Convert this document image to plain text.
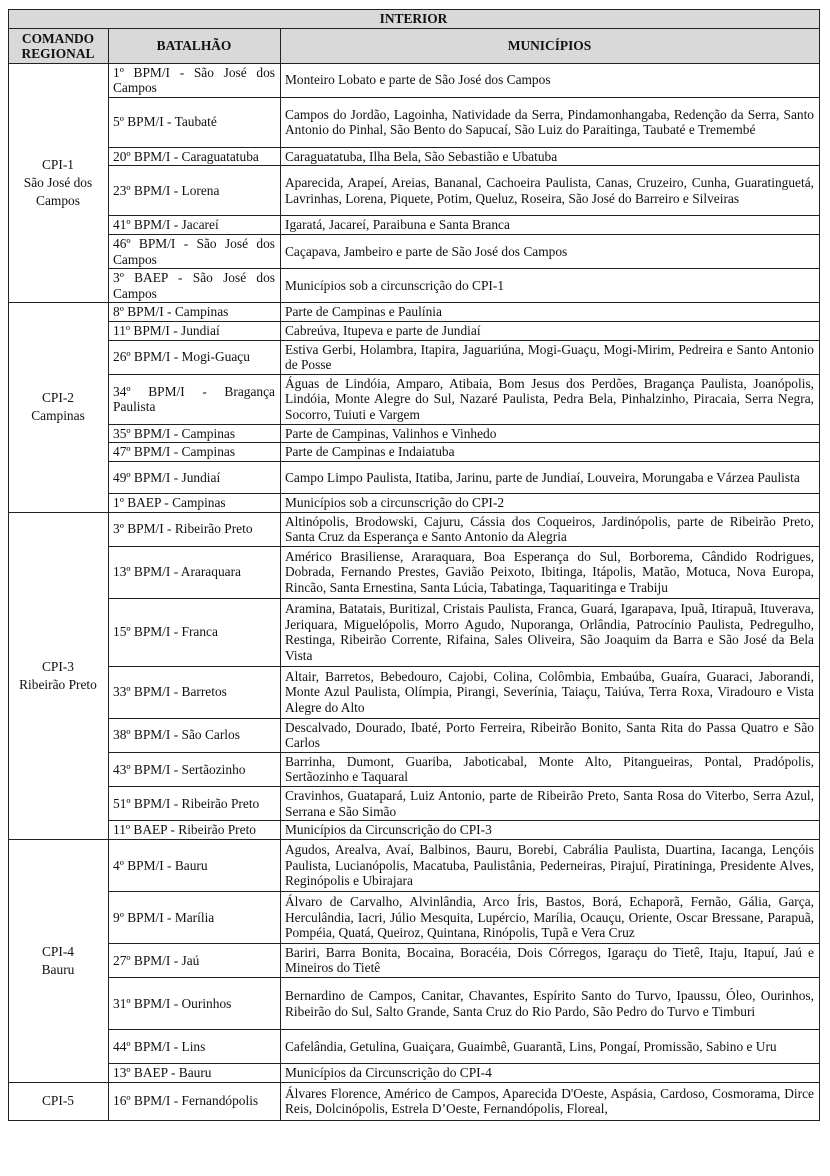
INTERIOR		
COMANDO REGIONAL	BATALHÃO	MUNICÍPIOS

CPI-1
São José dos Campos	1º BPM/I - São José dos Campos	Monteiro Lobato e parte de São José dos Campos
	5º BPM/I - Taubaté	Campos do Jordão, Lagoinha, Natividade da Serra, Pindamonhangaba, Redenção da Serra, Santo Antonio do Pinhal, São Bento do Sapucaí, São Luiz do Paraitinga, Taubaté e Tremembé
	20º BPM/I - Caraguatatuba	Caraguatatuba, Ilha Bela, São Sebastião e Ubatuba
	23º BPM/I - Lorena	Aparecida, Arapeí, Areias, Bananal, Cachoeira Paulista, Canas, Cruzeiro, Cunha, Guaratinguetá, Lavrinhas, Lorena, Piquete, Potim, Queluz, Roseira, São José do Barreiro e Silveiras
	41º BPM/I - Jacareí	Igaratá, Jacareí, Paraibuna e Santa Branca
	46º BPM/I - São José dos Campos	Caçapava, Jambeiro e parte de São José dos Campos
	3º BAEP - São José dos Campos	Municípios sob a circunscrição do CPI-1

CPI-2
Campinas	8º BPM/I - Campinas	Parte de Campinas e Paulínia
	11º BPM/I - Jundiaí	Cabreúva, Itupeva e parte de Jundiaí
	26º BPM/I - Mogi-Guaçu	Estiva Gerbi, Holambra, Itapira, Jaguariúna, Mogi-Guaçu, Mogi-Mirim, Pedreira e Santo Antonio de Posse
	34º BPM/I - Bragança Paulista	Águas de Lindóia, Amparo, Atibaia, Bom Jesus dos Perdões, Bragança Paulista, Joanópolis, Lindóia, Monte Alegre do Sul, Nazaré Paulista, Pedra Bela, Pinhalzinho, Piracaia, Serra Negra, Socorro, Tuiuti e Vargem
	35º BPM/I - Campinas	Parte de Campinas, Valinhos e Vinhedo
	47º BPM/I - Campinas	Parte de Campinas e Indaiatuba
	49º BPM/I - Jundiaí	Campo Limpo Paulista, Itatiba, Jarinu, parte de Jundiaí, Louveira, Morungaba e Várzea Paulista
	1º BAEP - Campinas	Municípios sob a circunscrição do CPI-2

CPI-3
Ribeirão Preto	3º BPM/I - Ribeirão Preto	Altinópolis, Brodowski, Cajuru, Cássia dos Coqueiros, Jardinópolis, parte de Ribeirão Preto, Santa Cruz da Esperança e Santo Antonio da Alegria
	13º BPM/I - Araraquara	Américo Brasiliense, Araraquara, Boa Esperança do Sul, Borborema, Cândido Rodrigues, Dobrada, Fernando Prestes, Gavião Peixoto, Ibitinga, Itápolis, Matão, Motuca, Nova Europa, Rincão, Santa Ernestina, Santa Lúcia, Tabatinga, Taquaritinga e Trabiju
	15º BPM/I - Franca	Aramina, Batatais, Buritizal, Cristais Paulista, Franca, Guará, Igarapava, Ipuã, Itirapuã, Ituverava, Jeriquara, Miguelópolis, Morro Agudo, Nuporanga, Orlândia, Patrocínio Paulista, Pedregulho, Restinga, Ribeirão Corrente, Rifaina, Sales Oliveira, São Joaquim da Barra e São José da Bela Vista
	33º BPM/I - Barretos	Altair, Barretos, Bebedouro, Cajobi, Colina, Colômbia, Embaúba, Guaíra, Guaraci, Jaborandi, Monte Azul Paulista, Olímpia, Pirangi, Severínia, Taiaçu, Taiúva, Terra Roxa, Viradouro e Vista Alegre do Alto
	38º BPM/I - São Carlos	Descalvado, Dourado, Ibaté, Porto Ferreira, Ribeirão Bonito, Santa Rita do Passa Quatro e São Carlos
	43º BPM/I - Sertãozinho	Barrinha, Dumont, Guariba, Jaboticabal, Monte Alto, Pitangueiras, Pontal, Pradópolis, Sertãozinho e Taquaral
	51º BPM/I - Ribeirão Preto	Cravinhos, Guatapará, Luiz Antonio, parte de Ribeirão Preto, Santa Rosa do Viterbo, Serra Azul, Serrana e São Simão
	11º BAEP - Ribeirão Preto	Municípios da Circunscrição do CPI-3

CPI-4
Bauru	4º BPM/I - Bauru	Agudos, Arealva, Avaí, Balbinos, Bauru, Borebi, Cabrália Paulista, Duartina, Iacanga, Lençóis Paulista, Lucianópolis, Macatuba, Paulistânia, Pederneiras, Pirajuí, Piratininga, Presidente Alves, Reginópolis e Ubirajara
	9º BPM/I - Marília	Álvaro de Carvalho, Alvinlândia, Arco Íris, Bastos, Borá, Echaporã, Fernão, Gália, Garça, Herculândia, Iacri, Júlio Mesquita, Lupércio, Marília, Ocauçu, Oriente, Oscar Bressane, Parapuã, Pompéia, Quatá, Queiroz, Quintana, Rinópolis, Tupã e Vera Cruz
	27º BPM/I - Jaú	Bariri, Barra Bonita, Bocaina, Boracéia, Dois Córregos, Igaraçu do Tietê, Itaju, Itapuí, Jaú e Mineiros do Tietê
	31º BPM/I - Ourinhos	Bernardino de Campos, Canitar, Chavantes, Espírito Santo do Turvo, Ipaussu, Óleo, Ourinhos, Ribeirão do Sul, Salto Grande, Santa Cruz do Rio Pardo, São Pedro do Turvo e Timburi
	44º BPM/I - Lins	Cafelândia, Getulina, Guaiçara, Guaimbê, Guarantã, Lins, Pongaí, Promissão, Sabino e Uru
	13º BAEP - Bauru	Municípios da Circunscrição do CPI-4
CPI-5	16º BPM/I - Fernandópolis	Álvares Florence, Américo de Campos, Aparecida D'Oeste, Aspásia, Cardoso, Cosmorama, Dirce Reis, Dolcinópolis, Estrela D’Oeste, Fernandópolis, Floreal,
